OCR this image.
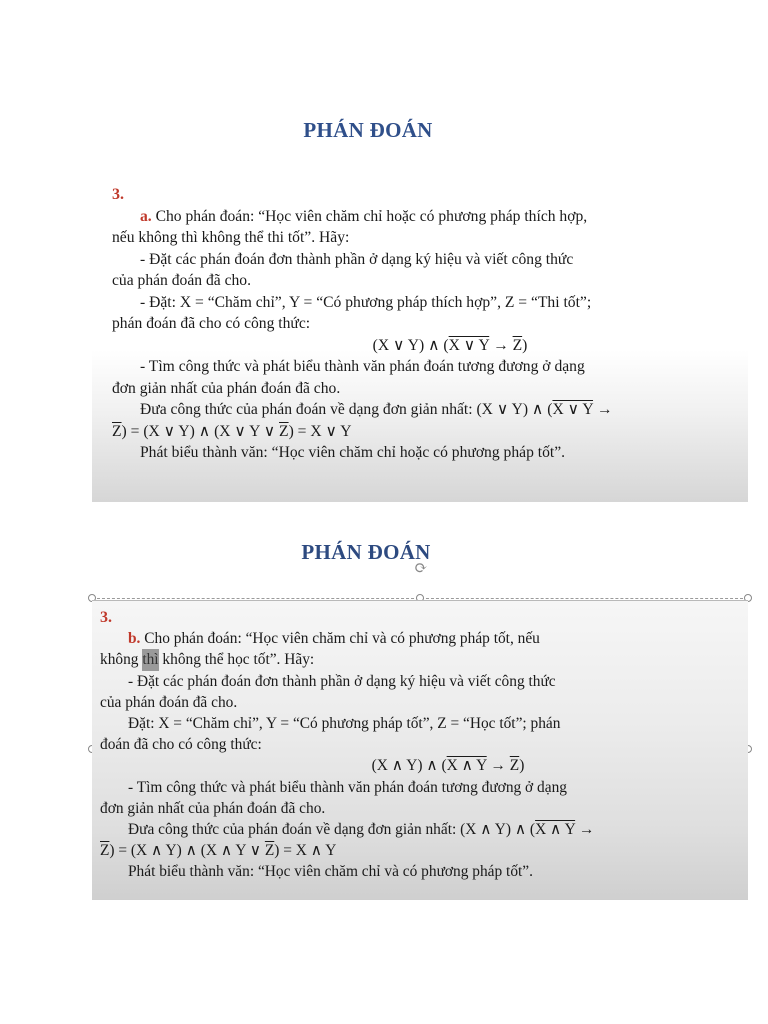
PHÁN ĐOÁN
3.

a. Cho phán đoán: “Học viên chăm chỉ hoặc có phương pháp thích hợp,

nếu không thì không thể thi tốt”. Hãy:

- Đặt các phán đoán đơn thành phần ở dạng ký hiệu và viết công thức

của phán đoán đã cho.

- Đặt: X = “Chăm chỉ”, Y = “Có phương pháp thích hợp”, Z = “Thi tốt”;

phán đoán đã cho có công thức:

(X ∨ Y) ∧ (X ∨ $Y \to \overline{Z}$)

- Tìm công thức và phát biểu thành văn phán đoán tương đương ở dạng

đơn giản nhất của phán đoán đã cho.

Đưa công thức của phán đoán về dạng đơn giản nhất: (X ∨ Y) ∧ (X ∨ Y →

$\overline{Z}) = (X$ ∨ Y) ∧ (X ∨ Y ∨ $\overline{Z}) = X$ ∨ Y

Phát biểu thành văn: “Học viên chăm chỉ hoặc có phương pháp tốt”.

PHÁN ĐOÁN
⟳
3.

b. Cho phán đoán: “Học viên chăm chỉ và có phương pháp tốt, nếu

không thì không thể học tốt”. Hãy:

- Đặt các phán đoán đơn thành phần ở dạng ký hiệu và viết công thức

của phán đoán đã cho.

Đặt: X = “Chăm chỉ”, Y = “Có phương pháp tốt”, Z = “Học tốt”; phán

đoán đã cho có công thức:

(X ∧ Y) ∧ (X ∧ $Y \to \overline{Z}$)

- Tìm công thức và phát biểu thành văn phán đoán tương đương ở dạng

đơn giản nhất của phán đoán đã cho.

Đưa công thức của phán đoán về dạng đơn giản nhất: (X ∧ Y) ∧ (X ∧ Y →

$\overline{Z}) = (X$ ∧ Y) ∧ (X ∧ Y ∨ $\overline{Z}) = X$ ∧ Y

Phát biểu thành văn: “Học viên chăm chỉ và có phương pháp tốt”.
